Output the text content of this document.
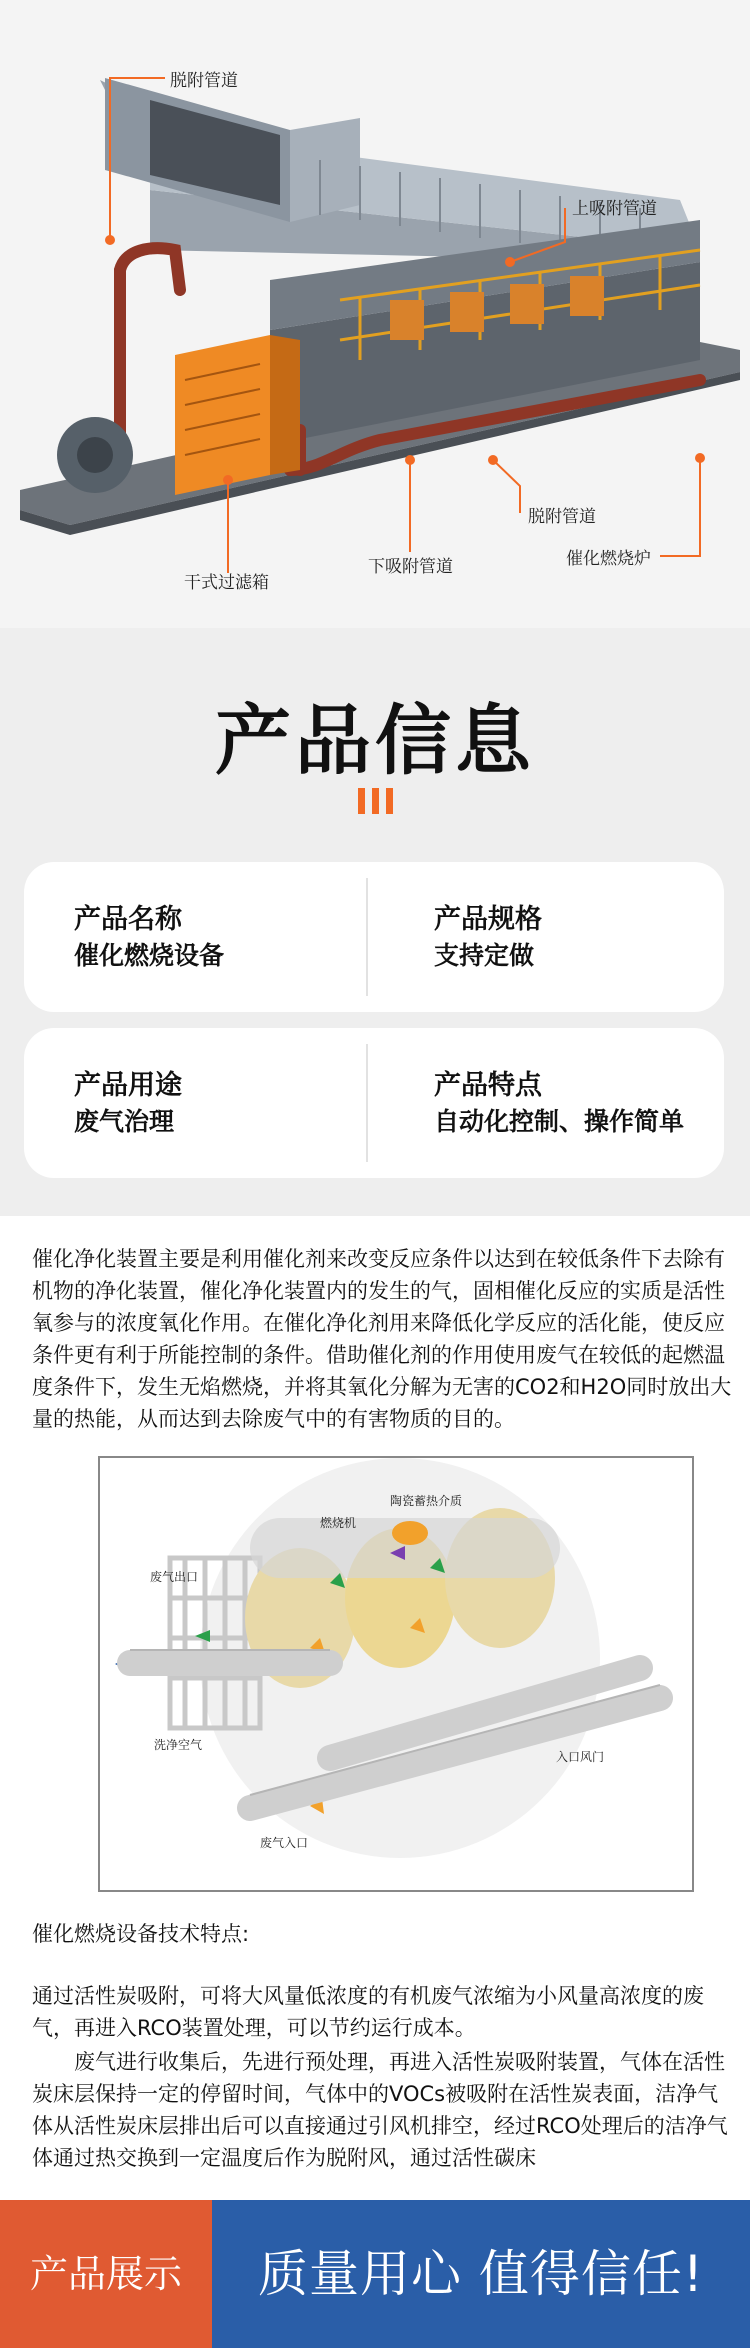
脱附管道
上吸附管道
脱附管道
干式过滤箱
下吸附管道	催化燃烧炉
产品信息
产品名称
催化燃烧设备
产品规格
支持定做
产品用途
废气治理
产品特点
自动化控制、操作简单

催化净化装置主要是利用催化剂来改变反应条件以达到在较低条件下去除有机物的净化装置，催化净化装置内的发生的气，固相催化反应的实质是活性氧参与的浓度氧化作用。在催化净化剂用来降低化学反应的活化能，使反应条件更有利于所能控制的条件。借助催化剂的作用使用废气在较低的起燃温度条件下，发生无焰燃烧，并将其氧化分解为无害的CO2和H2O同时放出大量的热能，从而达到去除废气中的有害物质的目的。

陶瓷蓄热介质
燃烧机
废气出口
洗净空气
入口风门
废气入口
催化燃烧设备技术特点:

通过活性炭吸附，可将大风量低浓度的有机废气浓缩为小风量高浓度的废气，再进入RCO装置处理，可以节约运行成本。

废气进行收集后，先进行预处理，再进入活性炭吸附装置，气体在活性炭床层保持一定的停留时间，气体中的VOCs被吸附在活性炭表面，洁净气体从活性炭床层排出后可以直接通过引风机排空，经过RCO处理后的洁净气体通过热交换到一定温度后作为脱附风，通过活性碳床

产品展示	质量用心 值得信任!
